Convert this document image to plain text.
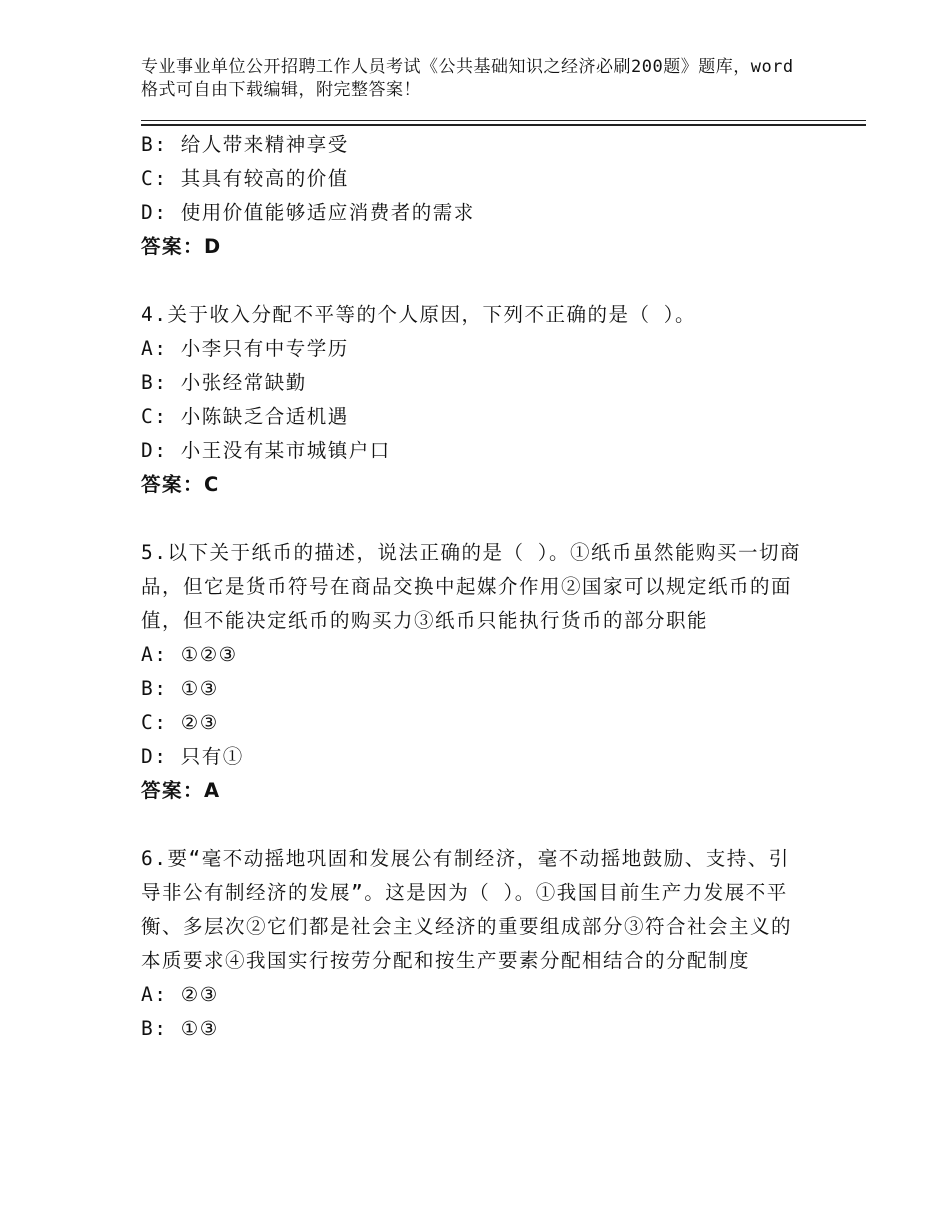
专业事业单位公开招聘工作人员考试《公共基础知识之经济必刷200题》题库，word格式可自由下载编辑，附完整答案！
B: 给人带来精神享受
C: 其具有较高的价值
D: 使用价值能够适应消费者的需求
答案：D
4.关于收入分配不平等的个人原因，下列不正确的是（ ）。
A: 小李只有中专学历
B: 小张经常缺勤
C: 小陈缺乏合适机遇
D: 小王没有某市城镇户口
答案：C
5.以下关于纸币的描述，说法正确的是（ ）。①纸币虽然能购买一切商品，但它是货币符号在商品交换中起媒介作用②国家可以规定纸币的面值，但不能决定纸币的购买力③纸币只能执行货币的部分职能
A: ①②③
B: ①③
C: ②③
D: 只有①
答案：A
6.要“毫不动摇地巩固和发展公有制经济，毫不动摇地鼓励、支持、引导非公有制经济的发展”。这是因为（ ）。①我国目前生产力发展不平衡、多层次②它们都是社会主义经济的重要组成部分③符合社会主义的本质要求④我国实行按劳分配和按生产要素分配相结合的分配制度
A: ②③
B: ①③
